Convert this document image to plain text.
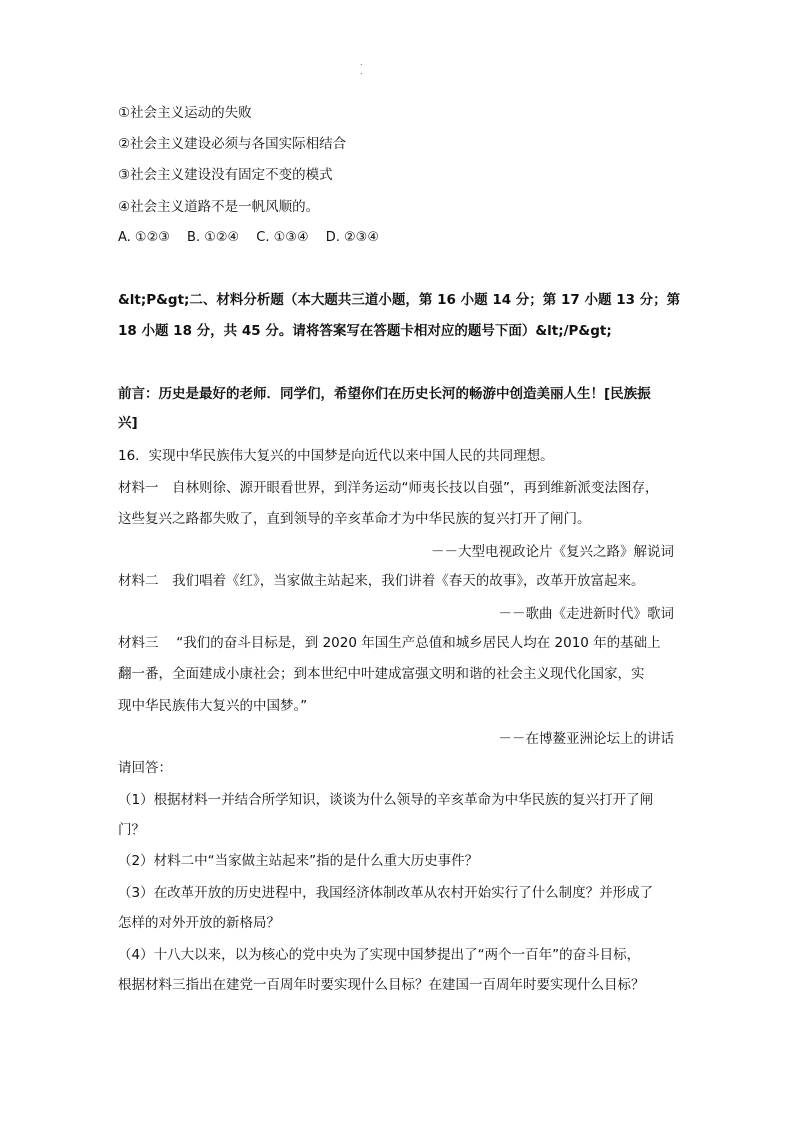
. .
①社会主义运动的失败
②社会主义建设必须与各国实际相结合
③社会主义建设没有固定不变的模式
④社会主义道路不是一帆风顺的。
A. ①②③　 B. ①②④　 C. ①③④　 D. ②③④
&lt;P&gt;二、材料分析题（本大题共三道小题，第 16 小题 14 分；第 17 小题 13 分；第
18 小题 18 分，共 45 分。请将答案写在答题卡相对应的题号下面）&lt;/P&gt;
前言：历史是最好的老师．同学们，希望你们在历史长河的畅游中创造美丽人生！[民族振
兴]
16．实现中华民族伟大复兴的中国梦是向近代以来中国人民的共同理想。
材料一　自林则徐、源开眼看世界，到洋务运动“师夷长技以自强”，再到维新派变法图存，
这些复兴之路都失败了，直到领导的辛亥革命才为中华民族的复兴打开了闸门。
－－大型电视政论片《复兴之路》解说词
材料二　我们唱着《红》，当家做主站起来，我们讲着《春天的故事》，改革开放富起来。
－－歌曲《走进新时代》歌词
材料三　 “我们的奋斗目标是，到 2020 年国生产总值和城乡居民人均在 2010 年的基础上
翻一番，全面建成小康社会；到本世纪中叶建成富强文明和谐的社会主义现代化国家，实
现中华民族伟大复兴的中国梦。”
－－在博鳌亚洲论坛上的讲话
请回答：
（1）根据材料一并结合所学知识，谈谈为什么领导的辛亥革命为中华民族的复兴打开了闸
门？
（2）材料二中“当家做主站起来”指的是什么重大历史事件？
（3）在改革开放的历史进程中，我国经济体制改革从农村开始实行了什么制度？并形成了
怎样的对外开放的新格局？
（4）十八大以来，以为核心的党中央为了实现中国梦提出了“两个一百年”的奋斗目标，
根据材料三指出在建党一百周年时要实现什么目标？在建国一百周年时要实现什么目标？
